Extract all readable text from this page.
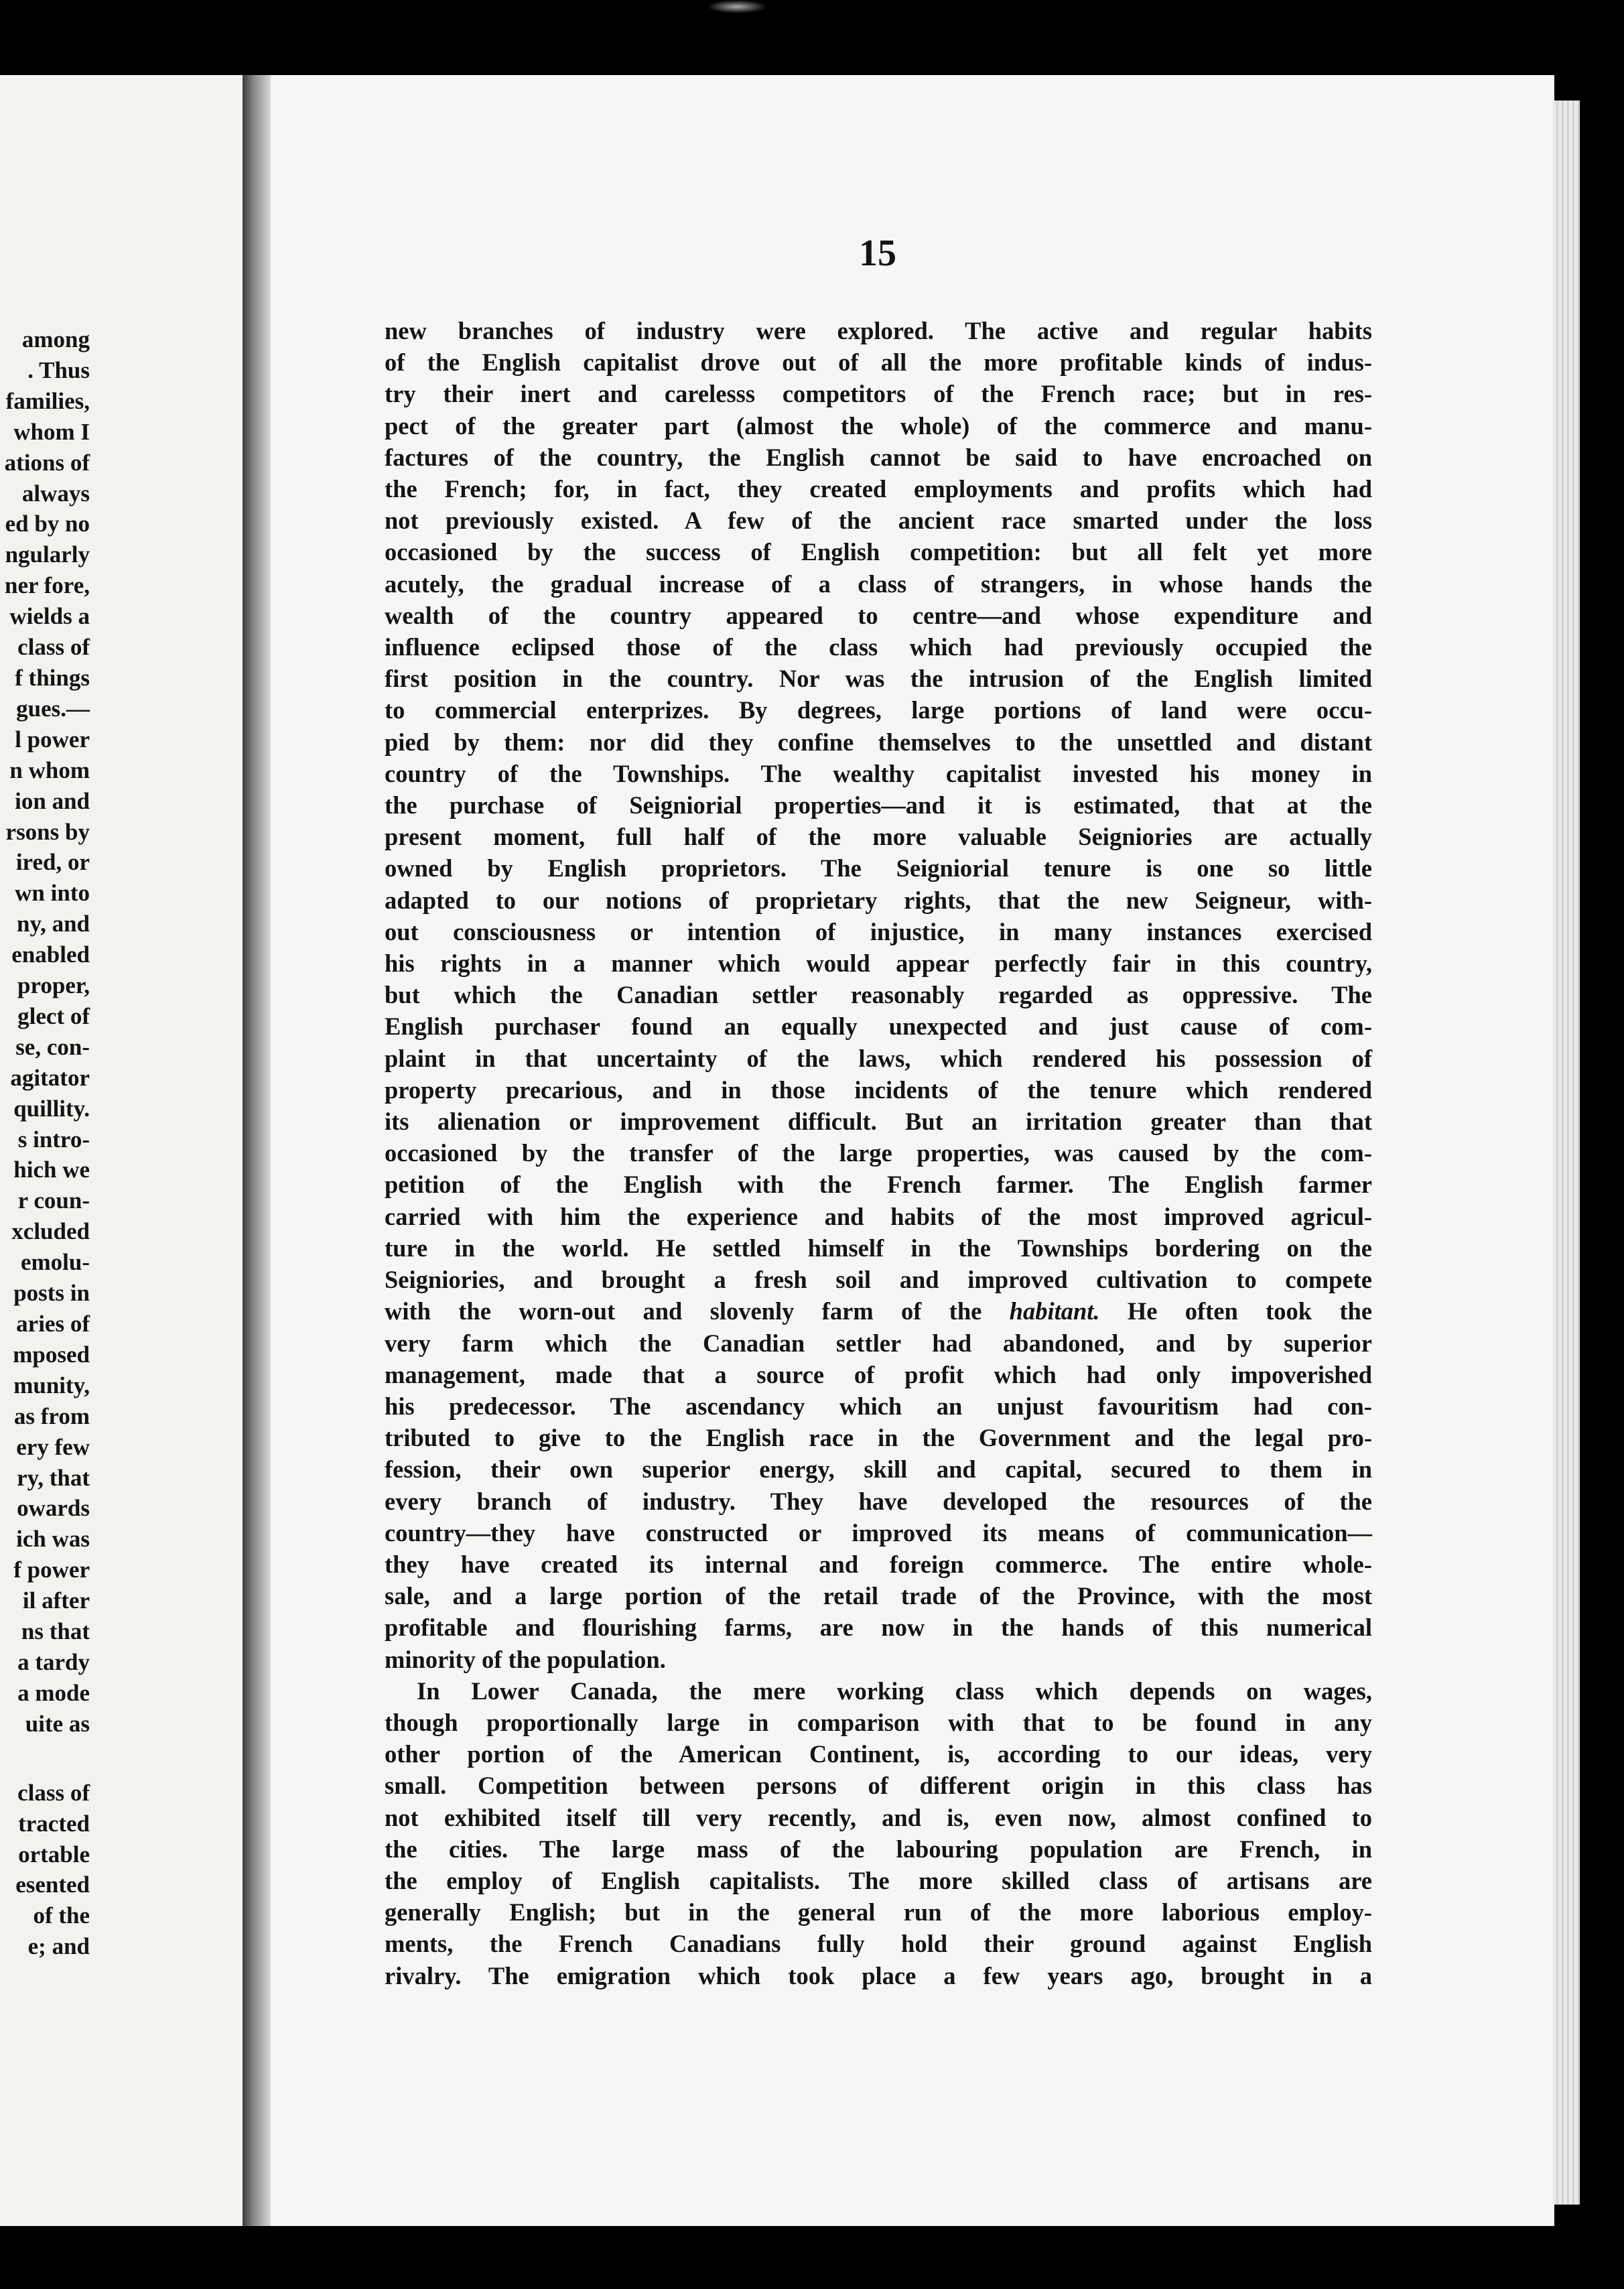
among
. Thus
families,
whom I
ations of
always
ed by no
ngularly
ner fore,
wields a
class of
f things
gues.—
l power
n whom
ion and
rsons by
ired, or
wn into
ny, and
enabled
proper,
glect of
se, con-
agitator
quillity.
s intro-
hich we
r coun-
xcluded
emolu-
posts in
aries of
mposed
munity,
as from
ery few
ry, that
owards
ich was
f power
il after
ns that
a tardy
a mode
uite as
class of
tracted
ortable
esented
of the
e; and
15

new branches of industry were explored. The active and regular habits
of the English capitalist drove out of all the more profitable kinds of indus-
try their inert and carelesss competitors of the French race; but in res-
pect of the greater part (almost the whole) of the commerce and manu-
factures of the country, the English cannot be said to have encroached on
the French; for, in fact, they created employments and profits which had
not previously existed. A few of the ancient race smarted under the loss
occasioned by the success of English competition: but all felt yet more
acutely, the gradual increase of a class of strangers, in whose hands the
wealth of the country appeared to centre—and whose expenditure and
influence eclipsed those of the class which had previously occupied the
first position in the country. Nor was the intrusion of the English limited
to commercial enterprizes. By degrees, large portions of land were occu-
pied by them: nor did they confine themselves to the unsettled and distant
country of the Townships. The wealthy capitalist invested his money in
the purchase of Seigniorial properties—and it is estimated, that at the
present moment, full half of the more valuable Seigniories are actually
owned by English proprietors. The Seigniorial tenure is one so little
adapted to our notions of proprietary rights, that the new Seigneur, with-
out consciousness or intention of injustice, in many instances exercised
his rights in a manner which would appear perfectly fair in this country,
but which the Canadian settler reasonably regarded as oppressive. The
English purchaser found an equally unexpected and just cause of com-
plaint in that uncertainty of the laws, which rendered his possession of
property precarious, and in those incidents of the tenure which rendered
its alienation or improvement difficult. But an irritation greater than that
occasioned by the transfer of the large properties, was caused by the com-
petition of the English with the French farmer. The English farmer
carried with him the experience and habits of the most improved agricul-
ture in the world. He settled himself in the Townships bordering on the
Seigniories, and brought a fresh soil and improved cultivation to compete
with the worn-out and slovenly farm of the habitant. He often took the
very farm which the Canadian settler had abandoned, and by superior
management, made that a source of profit which had only impoverished
his predecessor. The ascendancy which an unjust favouritism had con-
tributed to give to the English race in the Government and the legal pro-
fession, their own superior energy, skill and capital, secured to them in
every branch of industry. They have developed the resources of the
country—they have constructed or improved its means of communication—
they have created its internal and foreign commerce. The entire whole-
sale, and a large portion of the retail trade of the Province, with the most
profitable and flourishing farms, are now in the hands of this numerical
minority of the population.

In Lower Canada, the mere working class which depends on wages,
though proportionally large in comparison with that to be found in any
other portion of the American Continent, is, according to our ideas, very
small. Competition between persons of different origin in this class has
not exhibited itself till very recently, and is, even now, almost confined to
the cities. The large mass of the labouring population are French, in
the employ of English capitalists. The more skilled class of artisans are
generally English; but in the general run of the more laborious employ-
ments, the French Canadians fully hold their ground against English
rivalry. The emigration which took place a few years ago, brought in a
